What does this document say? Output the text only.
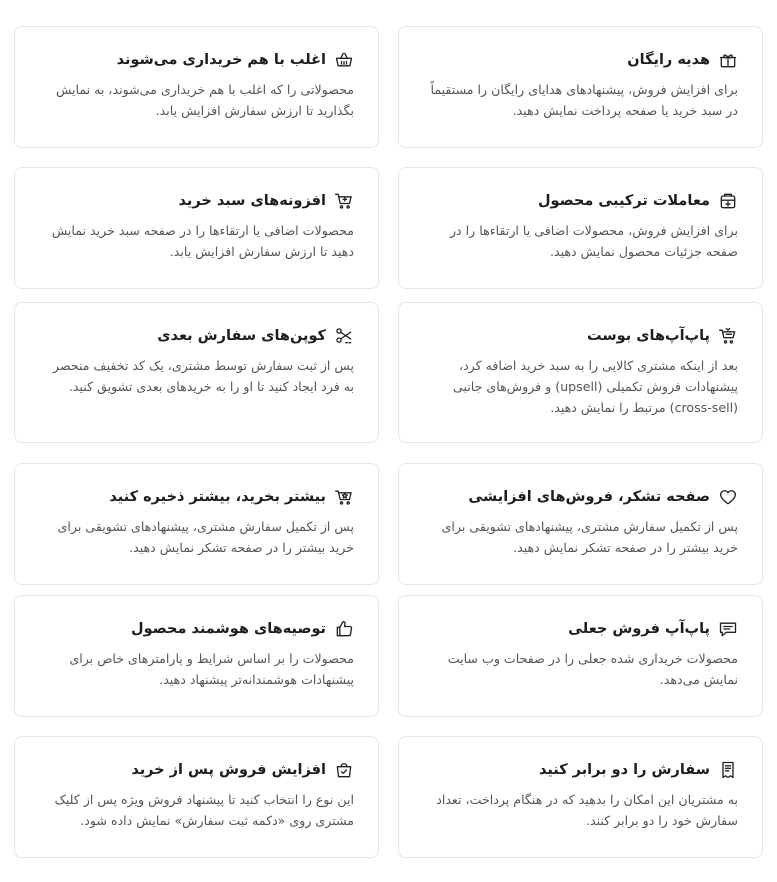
هدیه رایگان
برای افزایش فروش، پیشنهادهای هدایای رایگان را مستقیماً در سبد خرید یا صفحه پرداخت نمایش دهید.
اغلب با هم خریداری می‌شوند
محصولاتی را که اغلب با هم خریداری می‌شوند، به نمایش بگذارید تا ارزش سفارش افزایش یابد.
معاملات ترکیبی محصول
برای افزایش فروش، محصولات اضافی یا ارتقاءها را در صفحه جزئیات محصول نمایش دهید.
افزونه‌های سبد خرید
محصولات اضافی یا ارتقاءها را در صفحه سبد خرید نمایش دهید تا ارزش سفارش افزایش یابد.
پاپ‌آپ‌های بوست
بعد از اینکه مشتری کالایی را به سبد خرید اضافه کرد، پیشنهادات فروش تکمیلی (upsell) و فروش‌های جانبی (cross-sell) مرتبط را نمایش دهید.
کوپن‌های سفارش بعدی
پس از ثبت سفارش توسط مشتری، یک کد تخفیف منحصر به فرد ایجاد کنید تا او را به خریدهای بعدی تشویق کنید.
صفحه تشکر، فروش‌های افزایشی
پس از تکمیل سفارش مشتری، پیشنهادهای تشویقی برای خرید بیشتر را در صفحه تشکر نمایش دهید.
بیشتر بخرید، بیشتر ذخیره کنید
پس از تکمیل سفارش مشتری، پیشنهادهای تشویقی برای خرید بیشتر را در صفحه تشکر نمایش دهید.
پاپ‌آپ فروش جعلی
محصولات خریداری شده جعلی را در صفحات وب سایت نمایش می‌دهد.
توصیه‌های هوشمند محصول
محصولات را بر اساس شرایط و پارامترهای خاص برای پیشنهادات هوشمندانه‌تر پیشنهاد دهید.
سفارش را دو برابر کنید
به مشتریان این امکان را بدهید که در هنگام پرداخت، تعداد سفارش خود را دو برابر کنند.
افزایش فروش پس از خرید
این نوع را انتخاب کنید تا پیشنهاد فروش ویژه پس از کلیک مشتری روی «دکمه ثبت سفارش» نمایش داده شود.
